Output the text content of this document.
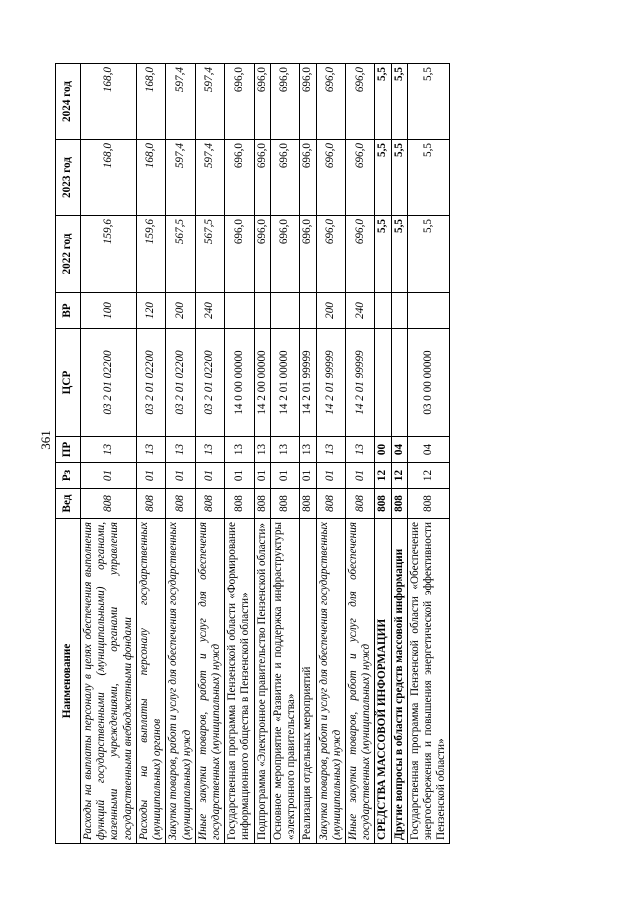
361
Наименование	Вед	Рз	ПР	ЦСР	ВР	2022 год	2023 год	2024 год
Расходы на выплаты персоналу в целях обеспечения выполнения функций государственными (муниципальными) органами, казенными учреждениями, органами управления государственными внебюджетными фондами	808	01	13	03 2 01 02200	100	159,6	168,0	168,0
Расходы на выплаты персоналу государственных (муниципальных) органов	808	01	13	03 2 01 02200	120	159,6	168,0	168,0
Закупка товаров, работ и услуг для обеспечения государственных (муниципальных) нужд	808	01	13	03 2 01 02200	200	567,5	597,4	597,4
Иные закупки товаров, работ и услуг для обеспечения государственных (муниципальных) нужд	808	01	13	03 2 01 02200	240	567,5	597,4	597,4
Государственная программа Пензенской области «Формирование информационного общества в Пензенской области»	808	01	13	14 0 00 00000		696,0	696,0	696,0
Подпрограмма «Электронное правительство Пензенской области»	808	01	13	14 2 00 00000		696,0	696,0	696,0
Основное мероприятие «Развитие и поддержка инфраструктуры «электронного правительства»	808	01	13	14 2 01 00000		696,0	696,0	696,0
Реализация отдельных мероприятий	808	01	13	14 2 01 99999		696,0	696,0	696,0
Закупка товаров, работ и услуг для обеспечения государственных (муниципальных) нужд	808	01	13	14 2 01 99999	200	696,0	696,0	696,0
Иные закупки товаров, работ и услуг для обеспечения государственных (муниципальных) нужд	808	01	13	14 2 01 99999	240	696,0	696,0	696,0
СРЕДСТВА МАССОВОЙ ИНФОРМАЦИИ	808	12	00			5,5	5,5	5,5
Другие вопросы в области средств массовой информации	808	12	04			5,5	5,5	5,5
Государственная программа Пензенской области «Обеспечение энергосбережения и повышения энергетической эффективности Пензенской области»	808	12	04	03 0 00 00000		5,5	5,5	5,5
